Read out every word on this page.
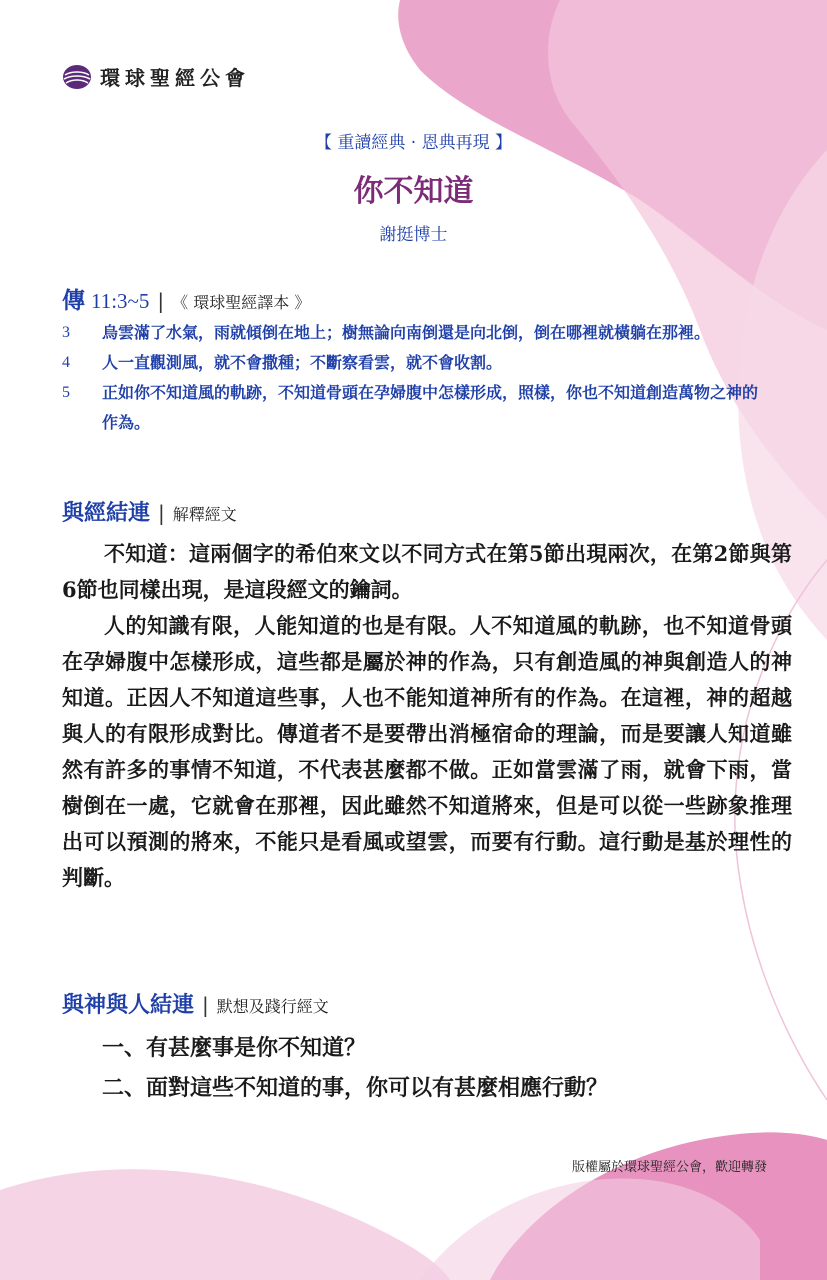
環球聖經公會
【 重讀經典 · 恩典再現 】
你不知道
謝挺博士
傳 11:3~5 | 《 環球聖經譯本 》
3	烏雲滿了水氣，雨就傾倒在地上；樹無論向南倒還是向北倒，倒在哪裡就橫躺在那裡。
4	人一直觀測風，就不會撒種；不斷察看雲，就不會收割。
5	正如你不知道風的軌跡，不知道骨頭在孕婦腹中怎樣形成，照樣，你也不知道創造萬物之神的作為。
與經結連 | 解釋經文

不知道：這兩個字的希伯來文以不同方式在第5節出現兩次，在第2節與第6節也同樣出現，是這段經文的鑰詞。

人的知識有限，人能知道的也是有限。人不知道風的軌跡，也不知道骨頭在孕婦腹中怎樣形成，這些都是屬於神的作為，只有創造風的神與創造人的神知道。正因人不知道這些事，人也不能知道神所有的作為。在這裡，神的超越與人的有限形成對比。傳道者不是要帶出消極宿命的理論，而是要讓人知道雖然有許多的事情不知道，不代表甚麼都不做。正如當雲滿了雨，就會下雨，當樹倒在一處，它就會在那裡，因此雖然不知道將來，但是可以從一些跡象推理出可以預測的將來，不能只是看風或望雲，而要有行動。這行動是基於理性的判斷。

與神與人結連 | 默想及踐行經文
一、有甚麼事是你不知道？
二、面對這些不知道的事，你可以有甚麼相應行動？
版權屬於環球聖經公會，歡迎轉發
